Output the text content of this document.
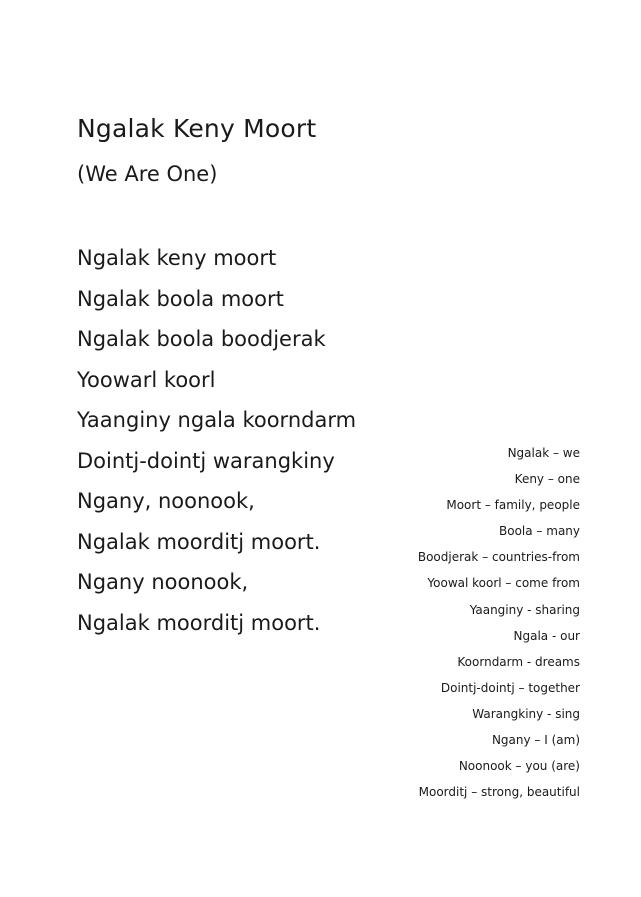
Ngalak Keny Moort
(We Are One)
Ngalak keny moort
Ngalak boola moort
Ngalak boola boodjerak
Yoowarl koorl
Yaanginy ngala koorndarm
Dointj-dointj warangkiny
Ngany, noonook,
Ngalak moorditj moort.
Ngany noonook,
Ngalak moorditj moort.
Ngalak – we
Keny – one
Moort – family, people
Boola – many
Boodjerak – countries-from
Yoowal koorl – come from
Yaanginy - sharing
Ngala - our
Koorndarm - dreams
Dointj-dointj – together
Warangkiny - sing
Ngany – I (am)
Noonook – you (are)
Moorditj – strong, beautiful
